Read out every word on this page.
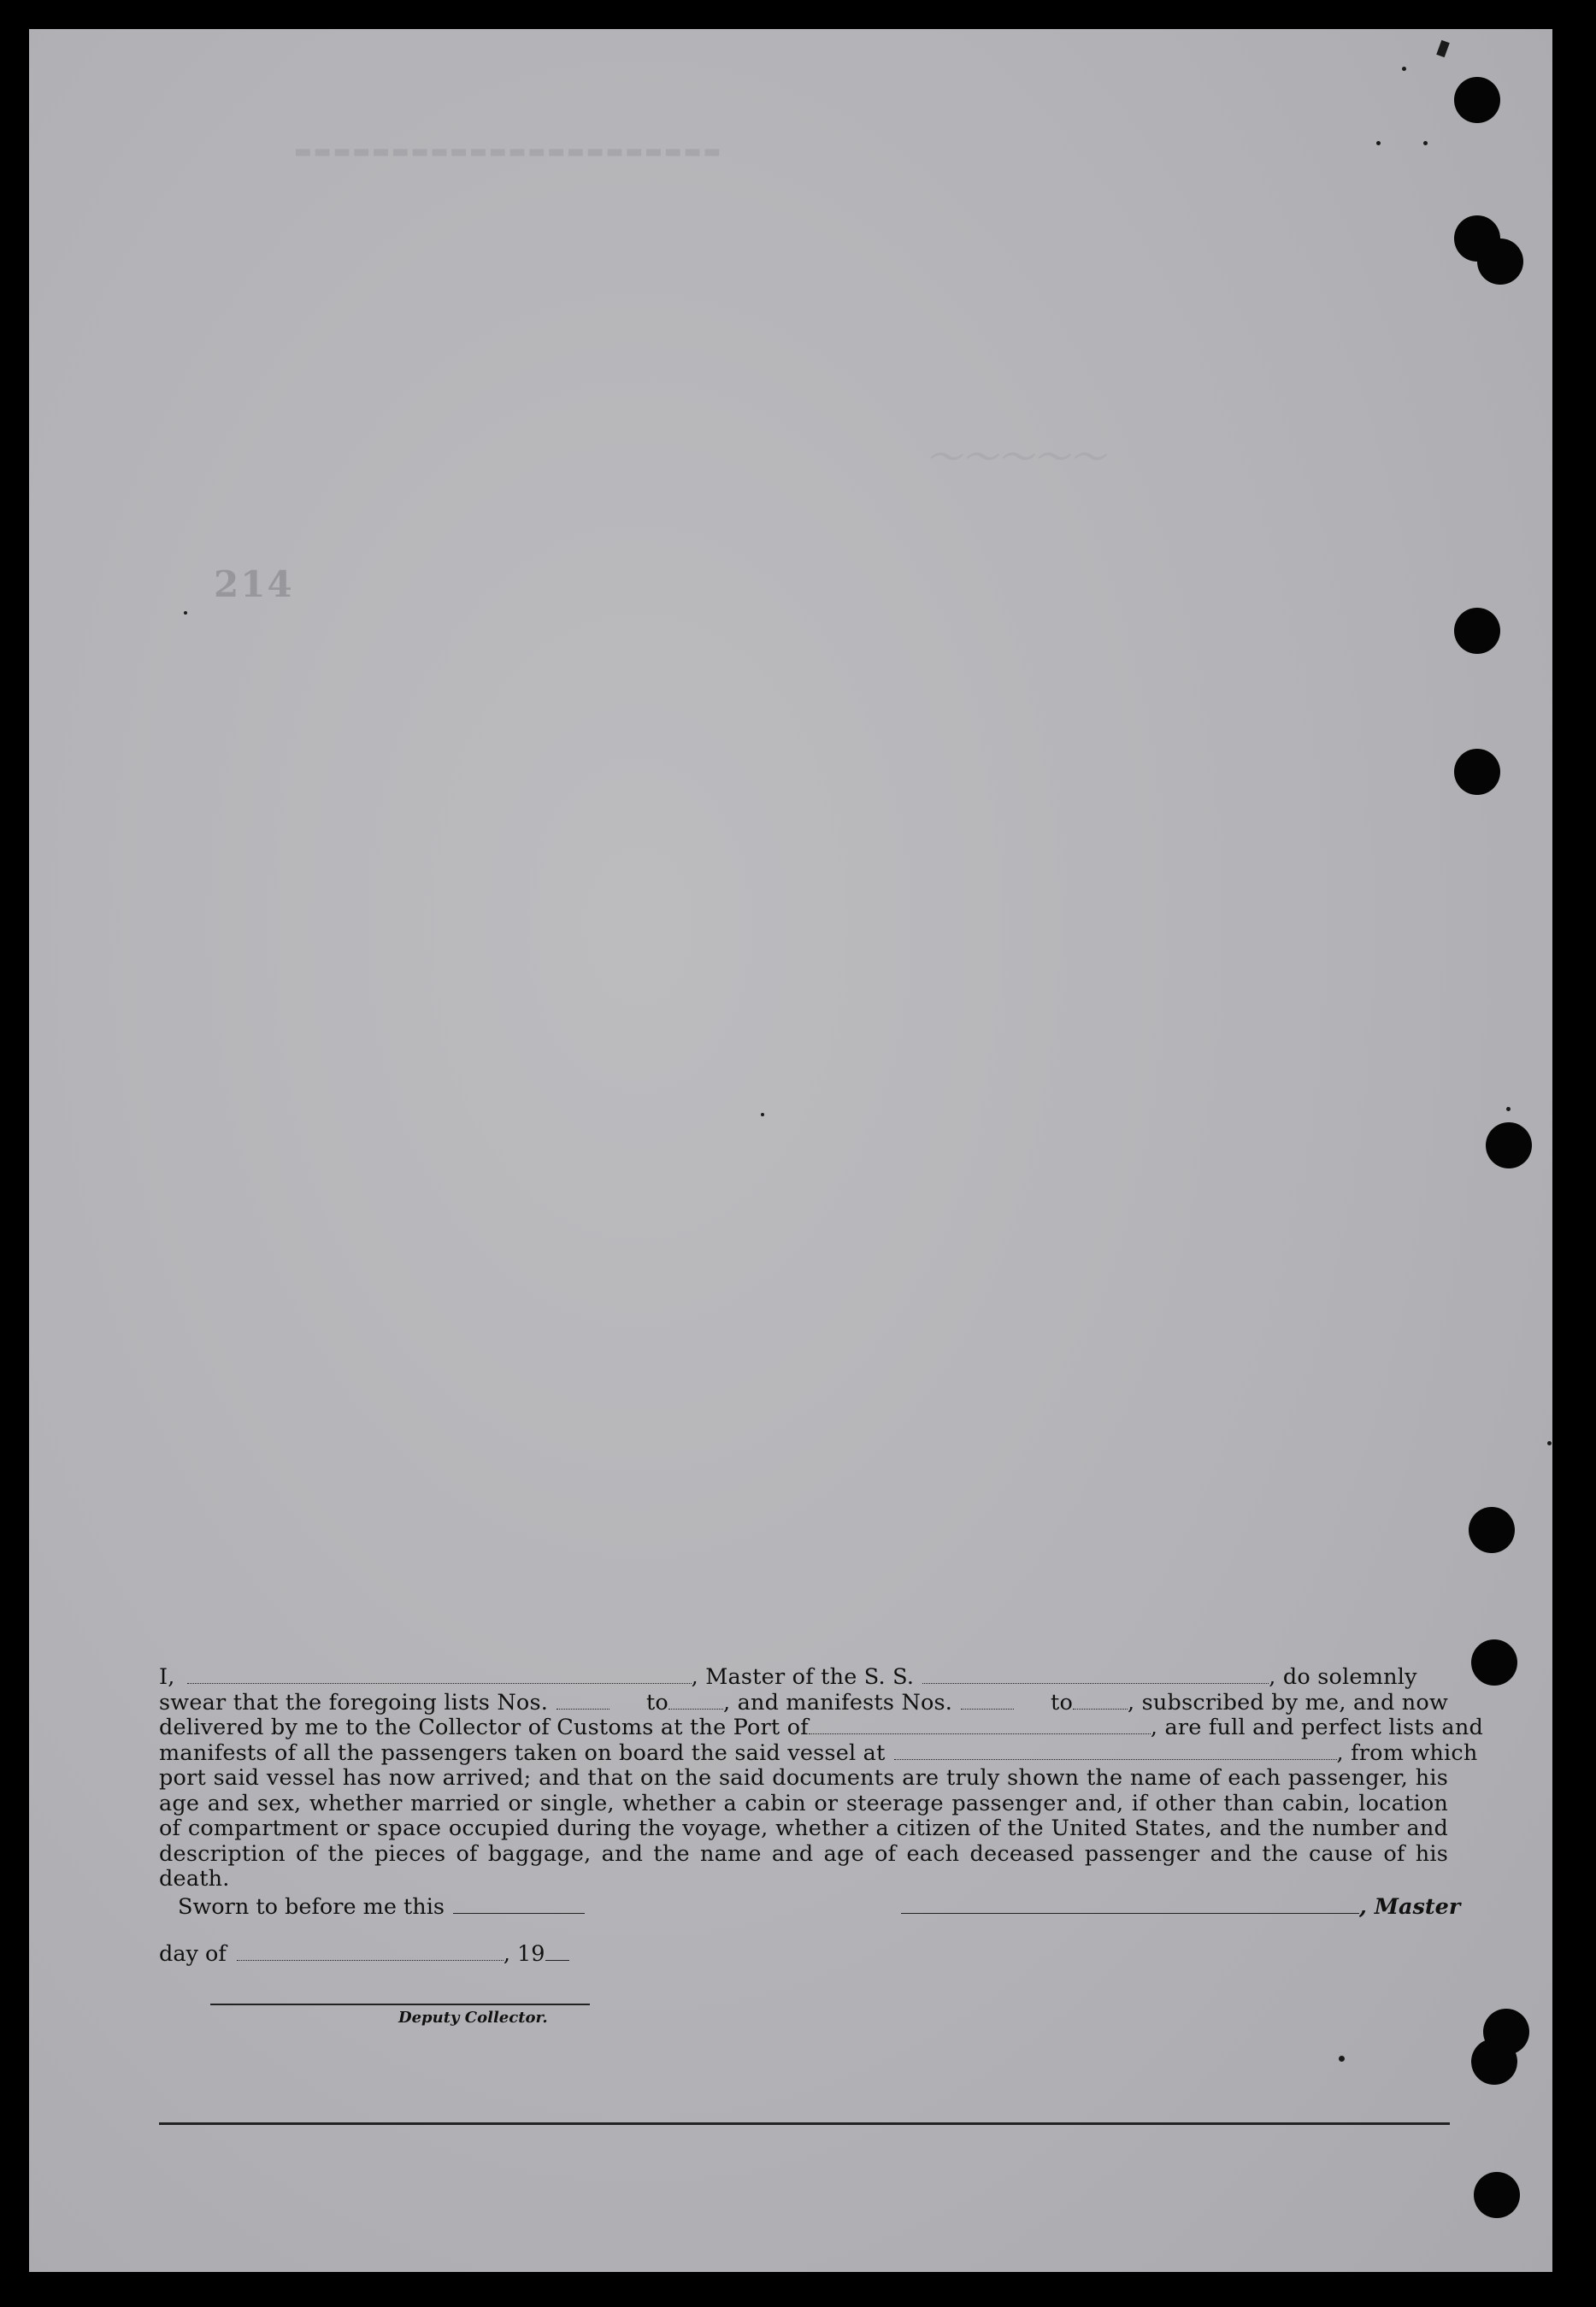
214
▬▬▬▬▬▬▬▬▬▬▬▬▬▬▬▬▬▬▬▬▬▬
～～～～～
I,	, Master of the S. S.	, do solemnly
swear that the foregoing lists Nos.	to	, and manifests Nos.	to	, subscribed by me, and now
delivered by me to the Collector of Customs at the Port of	, are full and perfect lists and
manifests of all the passengers taken on board the said vessel at	, from which
port said vessel has now arrived; and that on the said documents are truly shown the name of each passenger, his age and sex, whether married or single, whether a cabin or steerage passenger and, if other than cabin, location of compartment or space occupied during the voyage, whether a citizen of the United States, and the number and description of the pieces of baggage, and the name and age of each deceased passenger and the cause of his death.
Sworn to before me this	, Master
day of	, 19
Deputy Collector.
